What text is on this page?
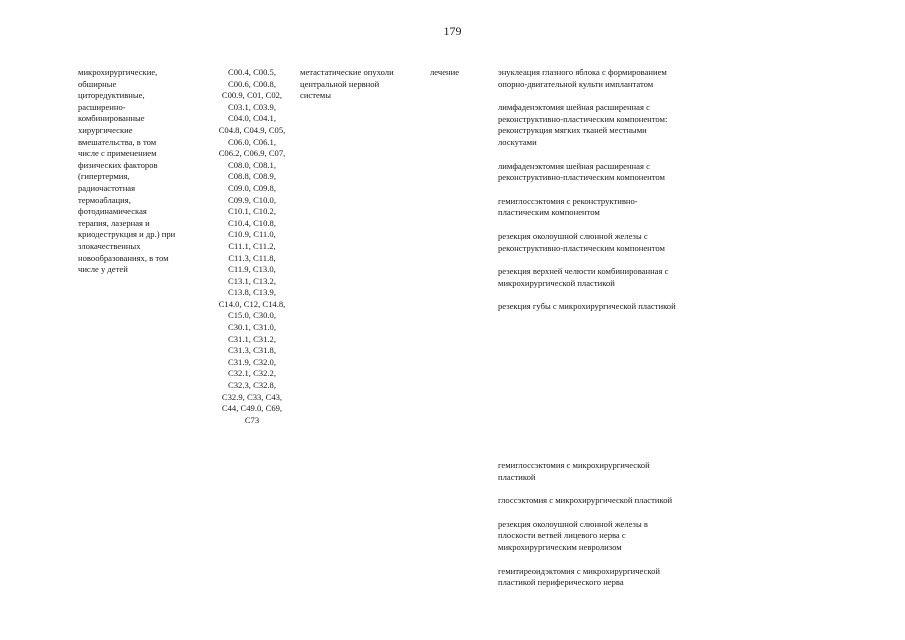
179
микрохирургические,
обширные
циторедуктивные,
расширенно-
комбинированные
хирургические
вмешательства, в том
числе с применением
физических факторов
(гипертермия,
радиочастотная
термоаблация,
фотодинамическая
терапия, лазерная и
криодеструкция и др.) при
злокачественных
новообразованиях, в том
числе у детей
C00.4, C00.5,
C00.6, C00.8,
C00.9, C01, C02,
C03.1, C03.9,
C04.0, C04.1,
C04.8, C04.9, C05,
C06.0, C06.1,
C06.2, C06.9, C07,
C08.0, C08.1,
C08.8, C08.9,
C09.0, C09.8,
C09.9, C10.0,
C10.1, C10.2,
C10.4, C10.8,
C10.9, C11.0,
C11.1, C11.2,
C11.3, C11.8,
C11.9, C13.0,
C13.1, C13.2,
C13.8, C13.9,
C14.0, C12, C14.8,
C15.0, C30.0,
C30.1, C31.0,
C31.1, C31.2,
C31.3, C31.8,
C31.9, C32.0,
C32.1, C32.2,
C32.3, C32.8,
C32.9, C33, C43,
C44, C49.0, C69,
C73
метастатические опухоли
центральной нервной
системы
лечение	энуклеация глазного яблока с формированием
опорно-двигательной культи имплантатом
лимфаденэктомия шейная расширенная с
реконструктивно-пластическим компонентом:
реконструкция мягких тканей местными
лоскутами
лимфаденэктомия шейная расширенная с
реконструктивно-пластическим компонентом
гемиглоссэктомия с реконструктивно-
пластическим компонентом
резекция околоушной слюнной железы с
реконструктивно-пластическим компонентом
резекция верхней челюсти комбинированная с
микрохирургической пластикой
резекция губы с микрохирургической пластикой
гемиглоссэктомия с микрохирургической
пластикой
глоссэктомия с микрохирургической пластикой
резекция околоушной слюнной железы в
плоскости ветвей лицевого нерва с
микрохирургическим невролизом
гемитиреоидэктомия с микрохирургической
пластикой периферического нерва
